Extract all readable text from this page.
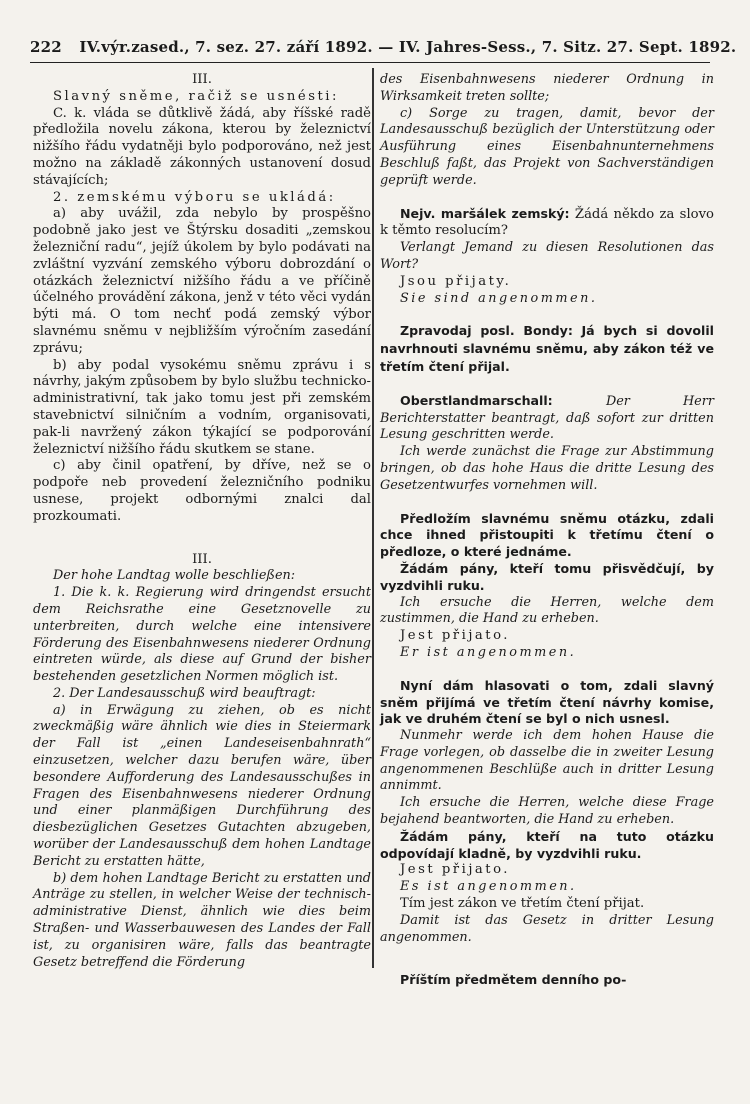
222 IV.výr.zased., 7. sez. 27. září 1892. — IV. Jahres-Sess., 7. Sitz. 27. Sept. 1892.

III.

Slavný sněme, račiž se usnésti:

C. k. vláda se důtklivě žádá, aby říšské radě předložila novelu zákona, kterou by železnictví nižšího řádu vydatněji bylo podporováno, než jest možno na základě zákonných ustanovení dosud stávajících;

2. zemskému výboru se ukládá:

a) aby uvážil, zda nebylo by prospěšno podobně jako jest ve Štýrsku dosaditi „zemskou železniční radu“, jejíž úkolem by bylo podávati na zvláštní vyzvání zemského výboru dobrozdání o otázkách železnictví nižšího řádu a ve příčině účelného provádění zákona, jenž v této věci vydán býti má. O tom nechť podá zemský výbor slavnému sněmu v nejbližším výročním zasedání zprávu;

b) aby podal vysokému sněmu zprávu i s návrhy, jakým způsobem by bylo službu technicko-administrativní, tak jako tomu jest při zemském stavebnictví silničním a vodním, organisovati, pak-li navržený zákon týkající se podporování železnictví nižšího řádu skutkem se stane.

c) aby činil opatření, by dříve, než se o podpoře neb provedení železničního podniku usnese, projekt odbornými znalci dal prozkoumati.

III.

Der hohe Landtag wolle beschließen:

1. Die k. k. Regierung wird dringendst ersucht dem Reichsrathe eine Gesetznovelle zu unterbreiten, durch welche eine intensivere Förderung des Eisenbahnwesens niederer Ordnung eintreten würde, als diese auf Grund der bisher bestehenden gesetzlichen Normen möglich ist.

2. Der Landesausschuß wird beauftragt:

a) in Erwägung zu ziehen, ob es nicht zweckmäßig wäre ähnlich wie dies in Steiermark der Fall ist „einen Landeseisenbahnrath“ einzusetzen, welcher dazu berufen wäre, über besondere Aufforderung des Landesausschußes in Fragen des Eisenbahnwesens niederer Ordnung und einer planmäßigen Durchführung des diesbezüglichen Gesetzes Gutachten abzugeben, worüber der Landesausschuß dem hohen Landtage Bericht zu erstatten hätte,

b) dem hohen Landtage Bericht zu erstatten und Anträge zu stellen, in welcher Weise der technisch-administrative Dienst, ähnlich wie dies beim Straßen- und Wasserbauwesen des Landes der Fall ist, zu organisiren wäre, falls das beantragte Gesetz betreffend die Förderung

des Eisenbahnwesens niederer Ordnung in Wirksamkeit treten sollte;

c) Sorge zu tragen, damit, bevor der Landesausschuß bezüglich der Unterstützung oder Ausführung eines Eisenbahnunternehmens Beschluß faßt, das Projekt von Sachverständigen geprüft werde.

Nejv. maršálek zemský: Žádá někdo za slovo k těmto resolucím?

Verlangt Jemand zu diesen Resolutionen das Wort?

Jsou přijaty.

Sie sind angenommen.

Zpravodaj posl. Bondy: Já bych si dovolil navrhnouti slavnému sněmu, aby zákon též ve třetím čtení přijal.

Oberstlandmarschall:	Der Herr Berichterstatter beantragt, daß sofort zur dritten Lesung geschritten werde.

Ich werde zunächst die Frage zur Abstimmung bringen, ob das hohe Haus die dritte Lesung des Gesetzentwurfes vornehmen will.

Předložím slavnému sněmu otázku, zdali chce ihned přistoupiti k třetímu čtení o předloze, o které jednáme.

Žádám pány, kteří tomu přisvědčují, by vyzdvihli ruku.

Ich ersuche die Herren, welche dem zustimmen, die Hand zu erheben.

Jest přijato.

Er ist angenommen.

Nyní dám hlasovati o tom, zdali slavný sněm přijímá ve třetím čtení návrhy komise, jak ve druhém čtení se byl o nich usnesl.

Nunmehr werde ich dem hohen Hause die Frage vorlegen, ob dasselbe die in zweiter Lesung angenommenen Beschlüße auch in dritter Lesung annimmt.

Ich ersuche die Herren, welche diese Frage bejahend beantworten, die Hand zu erheben.

Žádám pány, kteří na tuto otázku odpovídají kladně, by vyzdvihli ruku.

Jest přijato.

Es ist angenommen.

Tím jest zákon ve třetím čtení přijat.

Damit ist das Gesetz in dritter Lesung angenommen.

Příštím předmětem denního po-
